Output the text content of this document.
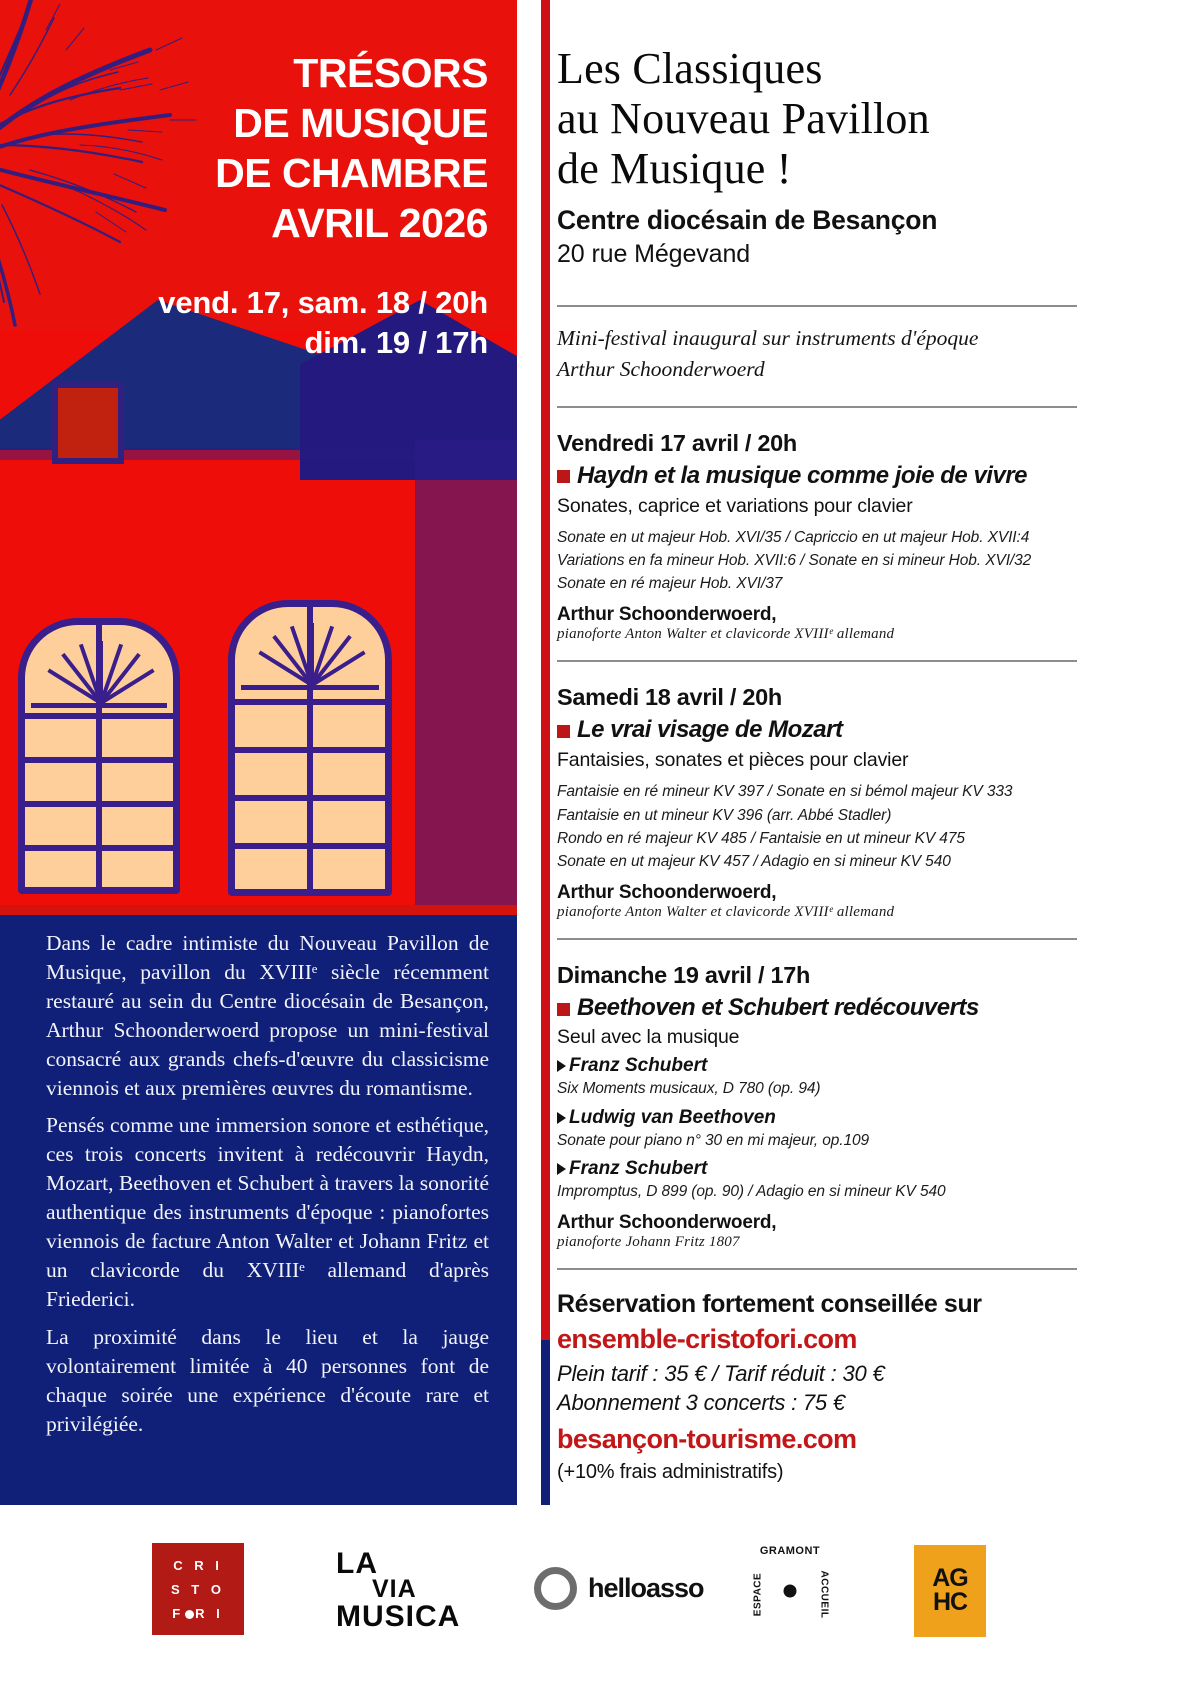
TRÉSORS
DE MUSIQUE
DE CHAMBRE
AVRIL 2026
vend. 17, sam. 18 / 20h
dim. 19 / 17h

Dans le cadre intimiste du Nouveau Pavillon de Musique, pavillon du XVIIIᵉ siècle récemment restauré au sein du Centre diocésain de Besançon, Arthur Schoonderwoerd propose un mini-festival consacré aux grands chefs-d'œuvre du classicisme viennois et aux premières œuvres du romantisme.

Pensés comme une immersion sonore et esthétique, ces trois concerts invitent à redécouvrir Haydn, Mozart, Beethoven et Schubert à travers la sonorité authentique des instruments d'époque : pianofortes viennois de facture Anton Walter et Johann Fritz et un clavicorde du XVIIIᵉ allemand d'après Friederici.

La proximité dans le lieu et la jauge volontairement limitée à 40 personnes font de chaque soirée une expérience d'écoute rare et privilégiée.

Les Classiques
au Nouveau Pavillon
de Musique !
Centre diocésain de Besançon
20 rue Mégevand
Mini-festival inaugural sur instruments d'époque
Arthur Schoonderwoerd
Vendredi 17 avril / 20h
Haydn et la musique comme joie de vivre
Sonates, caprice et variations pour clavier
Sonate en ut majeur Hob. XVI/35 / Capriccio en ut majeur Hob. XVII:4
Variations en fa mineur Hob. XVII:6 / Sonate en si mineur Hob. XVI/32
Sonate en ré majeur Hob. XVI/37
Arthur Schoonderwoerd,
pianoforte Anton Walter et clavicorde XVIIIᵉ allemand
Samedi 18 avril / 20h
Le vrai visage de Mozart
Fantaisies, sonates et pièces pour clavier
Fantaisie en ré mineur KV 397 / Sonate en si bémol majeur KV 333
Fantaisie en ut mineur KV 396 (arr. Abbé Stadler)
Rondo en ré majeur KV 485 / Fantaisie en ut mineur KV 475
Sonate en ut majeur KV 457 / Adagio en si mineur KV 540
Arthur Schoonderwoerd,
pianoforte Anton Walter et clavicorde XVIIIᵉ allemand
Dimanche 19 avril / 17h
Beethoven et Schubert redécouverts
Seul avec la musique
Franz Schubert
Six Moments musicaux, D 780 (op. 94)
Ludwig van Beethoven
Sonate pour piano n° 30 en mi majeur, op.109
Franz Schubert
Impromptus, D 899 (op. 90) / Adagio en si mineur KV 540
Arthur Schoonderwoerd,
pianoforte Johann Fritz 1807
Réservation fortement conseillée sur
ensemble-cristofori.com
Plein tarif : 35 € / Tarif réduit : 30 €
Abonnement 3 concerts : 75 €
besançon-tourisme.com
(+10% frais administratifs)
C R I
S T O
F R I
LA
VIA
MUSICA
helloasso
GRAMONT
ESPACE	ACCUEIL	AG
HC
